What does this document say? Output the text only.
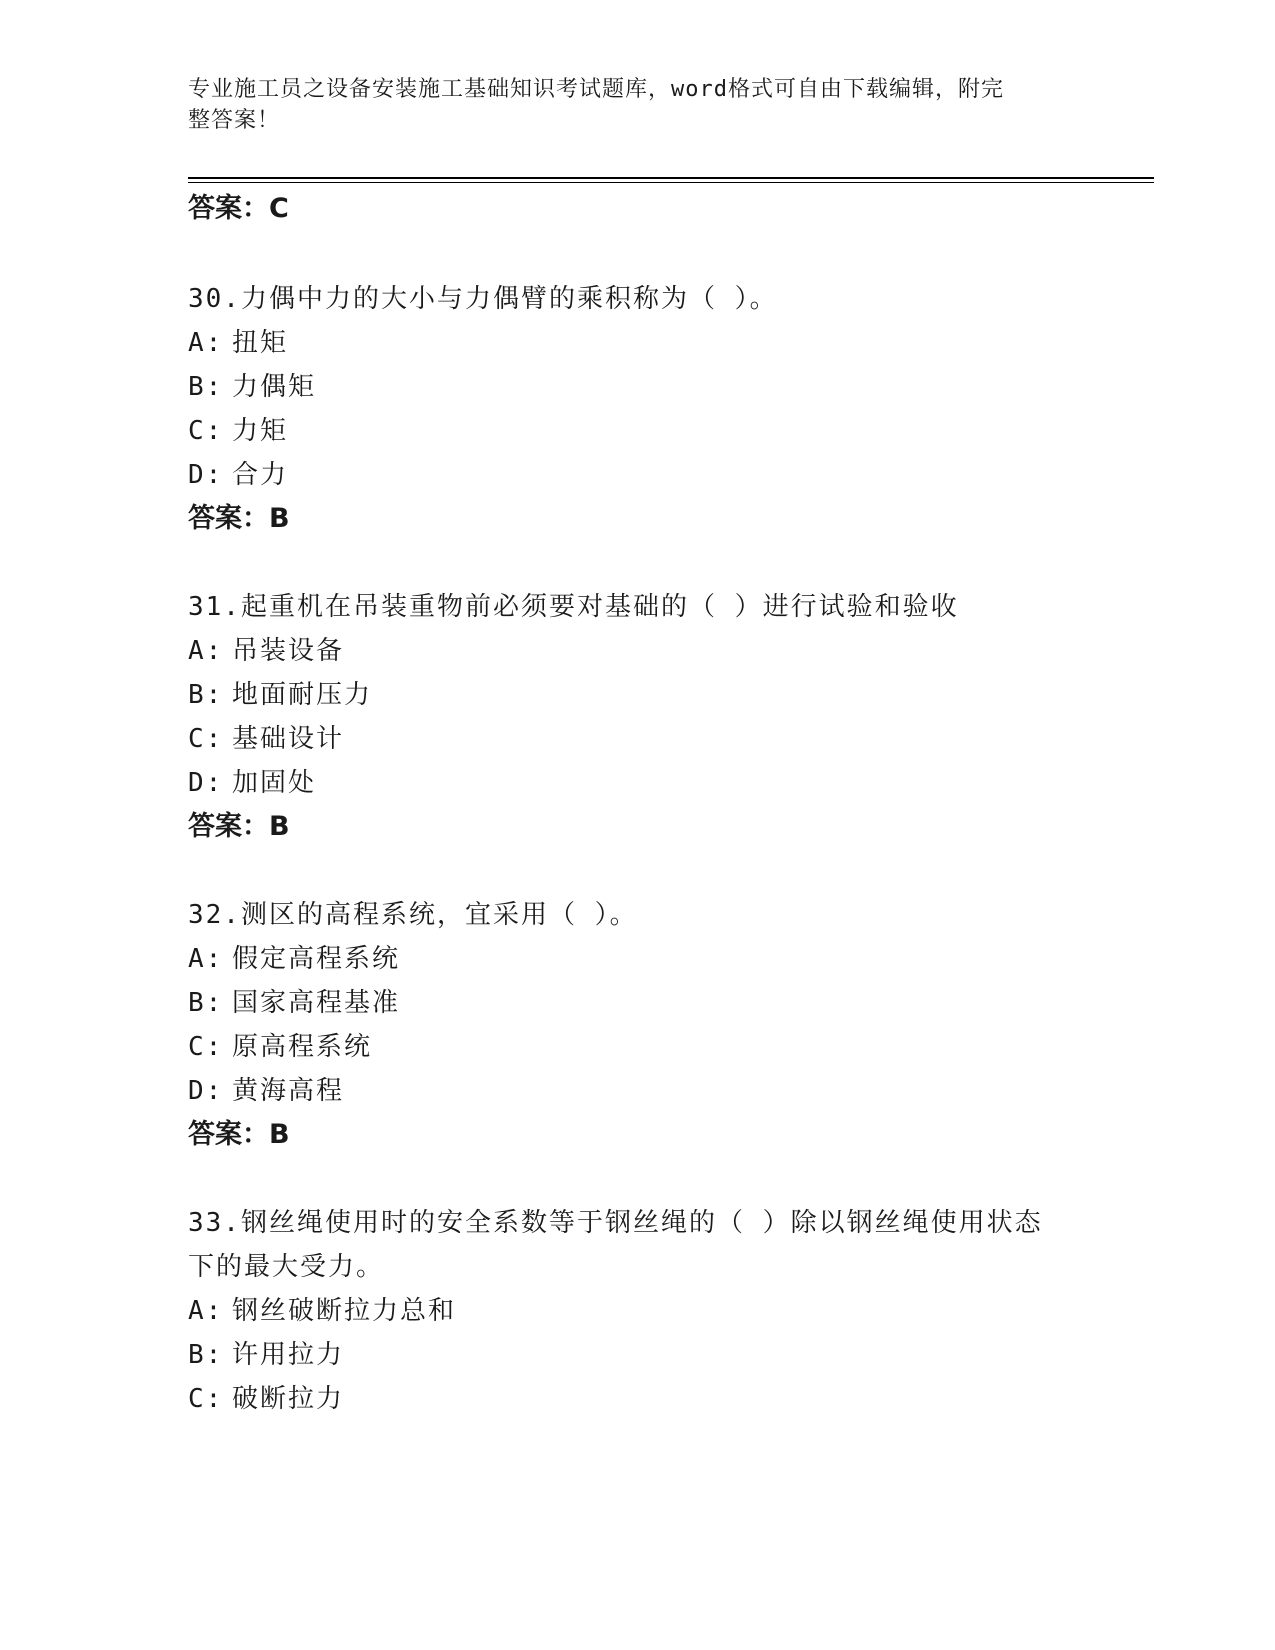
专业施工员之设备安装施工基础知识考试题库，word格式可自由下载编辑，附完
整答案！
答案：C
30.力偶中力的大小与力偶臂的乘积称为（ ）。
A: 扭矩
B: 力偶矩
C: 力矩
D: 合力
答案：B
31.起重机在吊装重物前必须要对基础的（ ）进行试验和验收
A: 吊装设备
B: 地面耐压力
C: 基础设计
D: 加固处
答案：B
32.测区的高程系统，宜采用（ ）。
A: 假定高程系统
B: 国家高程基准
C: 原高程系统
D: 黄海高程
答案：B
33.钢丝绳使用时的安全系数等于钢丝绳的（ ）除以钢丝绳使用状态
下的最大受力。
A: 钢丝破断拉力总和
B: 许用拉力
C: 破断拉力
